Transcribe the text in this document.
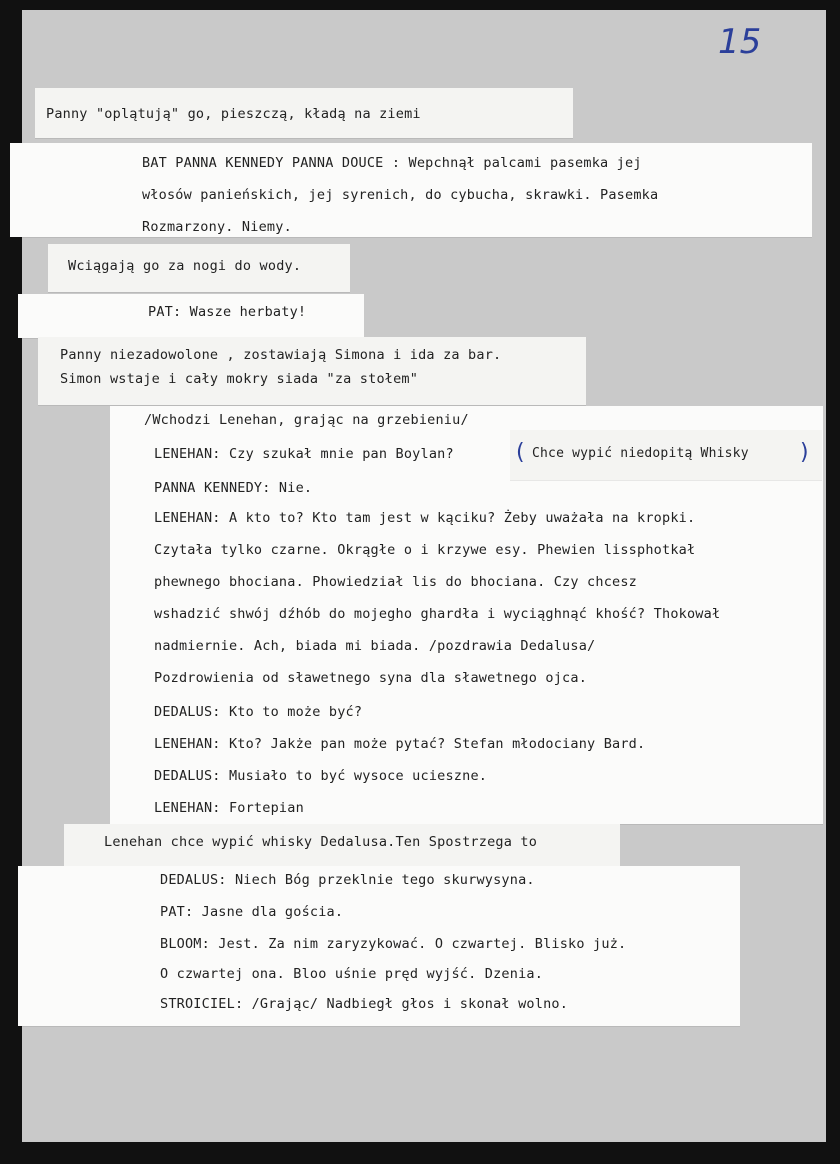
15
Panny "oplątują" go, pieszczą, kładą na ziemi
BAT PANNA KENNEDY PANNA DOUCE : Wepchnął palcami pasemka jej
włosów panieńskich, jej syrenich, do cybucha, skrawki. Pasemka
Rozmarzony. Niemy.
Wciągają go za nogi do wody.
PAT: Wasze herbaty!
Panny niezadowolone , zostawiają Simona i ida za bar.
Simon wstaje i cały mokry siada "za stołem"
/Wchodzi Lenehan, grając na grzebieniu/
LENEHAN: Czy szukał mnie pan Boylan?
PANNA KENNEDY: Nie.
LENEHAN: A kto to? Kto tam jest w kąciku? Żeby uważała na kropki.
Czytała tylko czarne. Okrągłe o i krzywe esy. Phewien lissphotkał
phewnego bhociana. Phowiedział lis do bhociana. Czy chcesz
wshadzić shwój dźhób do mojegho ghardła i wyciąghnąć khość? Thokował
nadmiernie. Ach, biada mi biada. /pozdrawia Dedalusa/
Pozdrowienia od sławetnego syna dla sławetnego ojca.
DEDALUS: Kto to może być?
LENEHAN: Kto? Jakże pan może pytać? Stefan młodociany Bard.
DEDALUS: Musiało to być wysoce ucieszne.
LENEHAN: Fortepian
( Chce wypić niedopitą Whisky )
Lenehan chce wypić whisky Dedalusa.Ten Spostrzega to
DEDALUS: Niech Bóg przeklnie tego skurwysyna.
PAT: Jasne dla gościa.
BLOOM: Jest. Za nim zaryzykować. O czwartej. Blisko już.
O czwartej ona. Bloo uśnie pręd wyjść. Dzenia.
STROICIEL: /Grając/ Nadbiegł głos i skonał wolno.
